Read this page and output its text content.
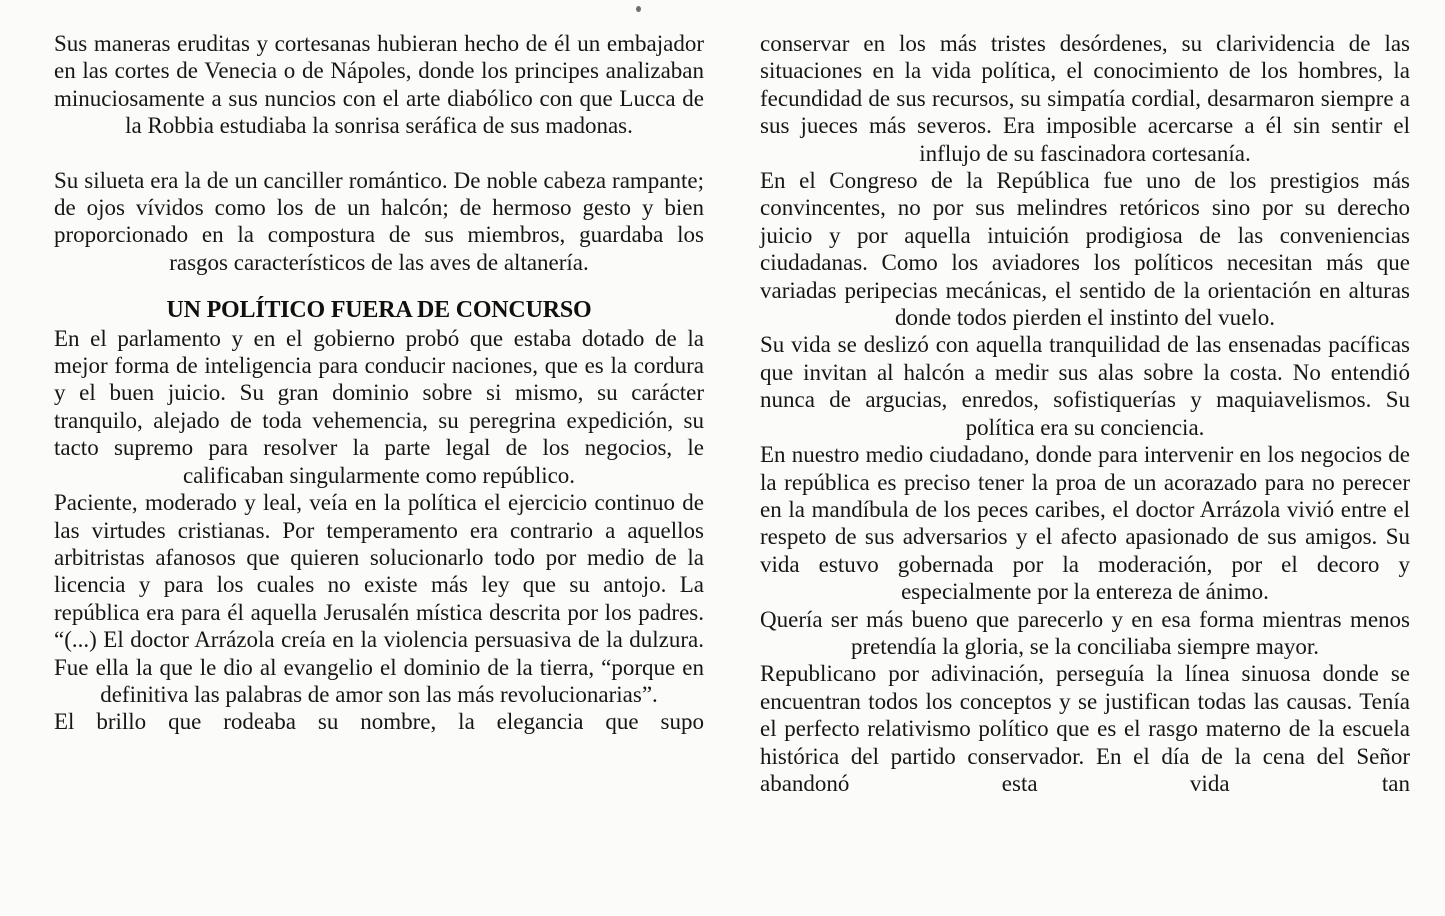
Sus maneras eruditas y cortesanas hubieran hecho de él un embajador en las cortes de Venecia o de Nápoles, donde los principes analizaban minuciosamente a sus nuncios con el arte diabólico con que Lucca de la Robbia estudiaba la sonrisa seráfica de sus madonas.

Su silueta era la de un canciller romántico. De noble cabeza rampante; de ojos vívidos como los de un halcón; de hermoso gesto y bien proporcionado en la compostura de sus miembros, guardaba los rasgos característicos de las aves de altanería.

UN POLÍTICO FUERA DE CONCURSO

En el parlamento y en el gobierno probó que estaba dotado de la mejor forma de inteligencia para conducir naciones, que es la cordura y el buen juicio. Su gran dominio sobre si mismo, su carácter tranquilo, alejado de toda vehemencia, su peregrina expedición, su tacto supremo para resolver la parte legal de los negocios, le calificaban singularmente como repúblico.

Paciente, moderado y leal, veía en la política el ejercicio continuo de las virtudes cristianas. Por temperamento era contrario a aquellos arbitristas afanosos que quieren solucionarlo todo por medio de la licencia y para los cuales no existe más ley que su antojo. La república era para él aquella Jerusalén mística descrita por los padres. “(...) El doctor Arrázola creía en la violencia persuasiva de la dulzura. Fue ella la que le dio al evangelio el dominio de la tierra, “porque en definitiva las palabras de amor son las más revolucionarias”.

El brillo que rodeaba su nombre, la elegancia que supo

conservar en los más tristes desórdenes, su clarividencia de las situaciones en la vida política, el conocimiento de los hombres, la fecundidad de sus recursos, su simpatía cordial, desarmaron siempre a sus jueces más severos. Era imposible acercarse a él sin sentir el influjo de su fascinadora cortesanía.

En el Congreso de la República fue uno de los prestigios más convincentes, no por sus melindres retóricos sino por su derecho juicio y por aquella intuición prodigiosa de las conveniencias ciudadanas. Como los aviadores los políticos necesitan más que variadas peripecias mecánicas, el sentido de la orientación en alturas donde todos pierden el instinto del vuelo.

Su vida se deslizó con aquella tranquilidad de las ensenadas pacíficas que invitan al halcón a medir sus alas sobre la costa. No entendió nunca de argucias, enredos, sofistiquerías y maquiavelismos. Su política era su conciencia.

En nuestro medio ciudadano, donde para intervenir en los negocios de la república es preciso tener la proa de un acorazado para no perecer en la mandíbula de los peces caribes, el doctor Arrázola vivió entre el respeto de sus adversarios y el afecto apasionado de sus amigos. Su vida estuvo gobernada por la moderación, por el decoro y especialmente por la entereza de ánimo.

Quería ser más bueno que parecerlo y en esa forma mientras menos pretendía la gloria, se la conciliaba siempre mayor.

Republicano por adivinación, perseguía la línea sinuosa donde se encuentran todos los conceptos y se justifican todas las causas. Tenía el perfecto relativismo político que es el rasgo materno de la escuela histórica del partido conservador. En el día de la cena del Señor abandonó esta vida tan
